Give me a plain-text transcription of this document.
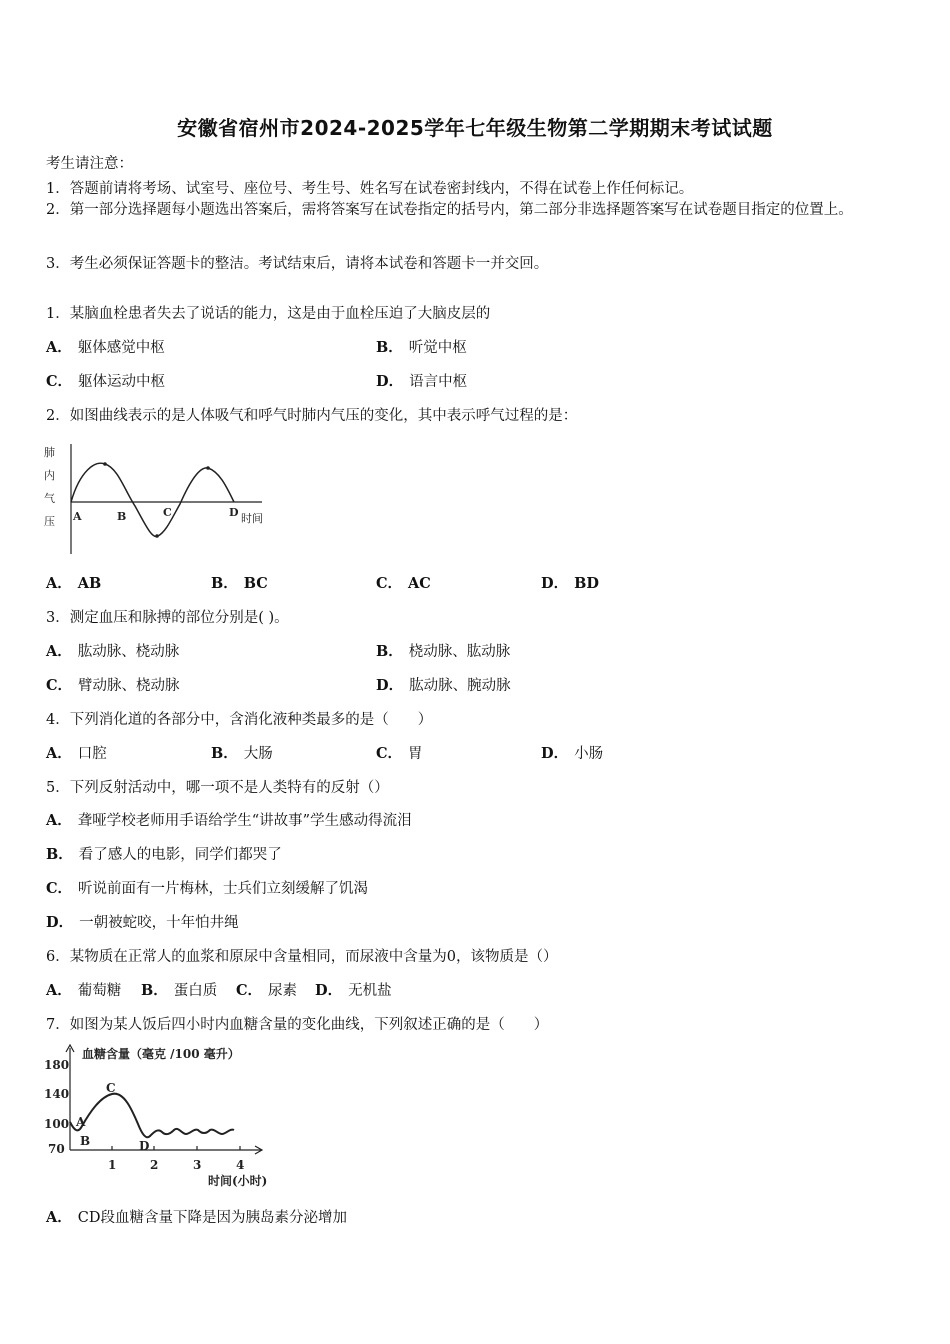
安徽省宿州市2024-2025学年七年级生物第二学期期末考试试题
考生请注意：
1．答题前请将考场、试室号、座位号、考生号、姓名写在试卷密封线内，不得在试卷上作任何标记。
2．第一部分选择题每小题选出答案后，需将答案写在试卷指定的括号内，第二部分非选择题答案写在试卷题目指定的位置上。
3．考生必须保证答题卡的整洁。考试结束后，请将本试卷和答题卡一并交回。
1．某脑血栓患者失去了说话的能力，这是由于血栓压迫了大脑皮层的
A． 躯体感觉中枢	B． 听觉中枢
C． 躯体运动中枢	D． 语言中枢
2．如图曲线表示的是人体吸气和呼气时肺内气压的变化，其中表示呼气过程的是：
肺
内
气
压 A	B	C	D 时间
A． AB	B． BC	C． AC	D． BD
3．测定血压和脉搏的部位分别是( )。
A． 肱动脉、桡动脉	B． 桡动脉、肱动脉
C． 臂动脉、桡动脉	D． 肱动脉、腕动脉
4．下列消化道的各部分中，含消化液种类最多的是（　　）
A． 口腔	B． 大肠	C． 胃	D． 小肠
5．下列反射活动中，哪一项不是人类特有的反射（）
A． 聋哑学校老师用手语给学生“讲故事”学生感动得流泪
B． 看了感人的电影，同学们都哭了
C． 听说前面有一片梅林，士兵们立刻缓解了饥渴
D． 一朝被蛇咬，十年怕井绳
6．某物质在正常人的血浆和原尿中含量相同，而尿液中含量为0，该物质是（）
A． 葡萄糖 B． 蛋白质 C． 尿素 D． 无机盐
7．如图为某人饭后四小时内血糖含量的变化曲线，下列叙述正确的是（　　）
血糖含量（毫克 /100 毫升）
180
140
100
70
1	2	3	4
A
B
C
D
时间(小时)
A． CD段血糖含量下降是因为胰岛素分泌增加
